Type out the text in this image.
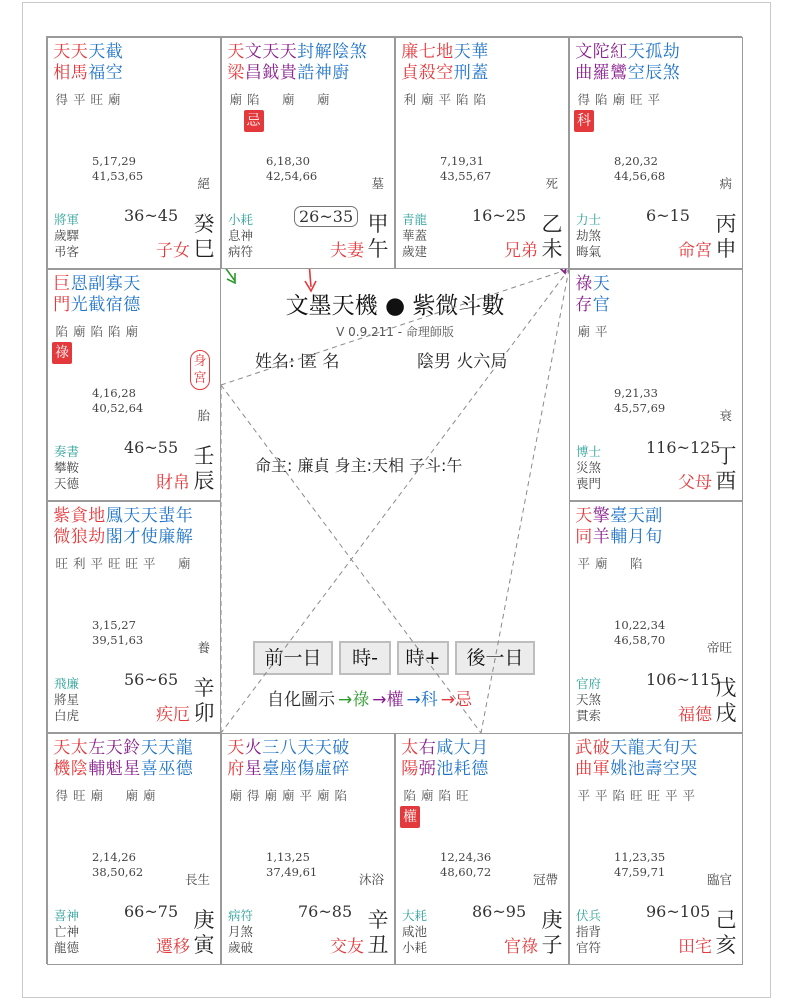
文墨天機 ● 紫微斗數
V 0.9.211 - 命理師版
姓名: 匿 名	陰男 火六局
命主: 廉貞 身主:天相 子斗:午
前一日	時-	時+	後一日
自化圖示 →祿 →權 →科 →忌
天
相
天
馬
天
福
截
空
得 平 旺 廟
5,17,29
41,53,65	絕
將軍
歲驛
弔客
36~45
子女
癸
巳
天
梁
文
昌
天
鉞
天
貴
封
誥
解
神
陰
廚
煞
廟 陷 廟 廟
忌
6,18,30
42,54,66	墓
小耗
息神
病符
26~35
夫妻
甲
午
廉
貞
七
殺
地
空
天
刑
華
蓋
利 廟 平 陷 陷
7,19,31
43,55,67	死
青龍
華蓋
歲建
16~25
兄弟
乙
未
文
曲
陀
羅
紅
鸞
天
空
孤
辰
劫
煞
得 陷 廟 旺 平
科
8,20,32
44,56,68	病
力士
劫煞
晦氣
6~15
命宮
丙
申
巨
門
恩
光
副
截
寡
宿
天
德
陷 廟 陷 陷 廟
祿
身宮
4,16,28
40,52,64	胎
奏書
攀鞍
天德
46~55
財帛
壬
辰
祿
存
天
官
廟 平
9,21,33
45,57,69	衰
博士
災煞
喪門
116~125
父母
丁
酉
紫
微
貪
狼
地
劫
鳳
閣
天
才
天
使
蜚
廉
年
解
旺 利 平 旺 旺 平 廟
3,15,27
39,51,63	養
飛廉
將星
白虎
56~65
疾厄
辛
卯
天
同
擎
羊
臺
輔
天
月
副
旬
平 廟 陷
10,22,34
46,58,70	帝旺
官府
天煞
貫索
106~115
福德
戊
戌
天
機
太
陰
左
輔
天
魁
鈴
星
天
喜
天
巫
龍
德
得 旺 廟 廟 廟
2,14,26
38,50,62	長生
喜神
亡神
龍德
66~75
遷移
庚
寅
天
府
火
星
三
臺
八
座
天
傷
天
虛
破
碎
廟 得 廟 廟 平 廟 陷
1,13,25
37,49,61	沐浴
病符
月煞
歲破
76~85
交友
辛
丑
太
陽
右
弼
咸
池
大
耗
月
德
陷 廟 陷 旺
權
12,24,36
48,60,72	冠帶
大耗
咸池
小耗
86~95
官祿
庚
子
武
曲
破
軍
天
姚
龍
池
天
壽
旬
空
天
哭
平 平 陷 旺 旺 平 平
11,23,35
47,59,71	臨官
伏兵
指背
官符
96~105
田宅
己
亥
